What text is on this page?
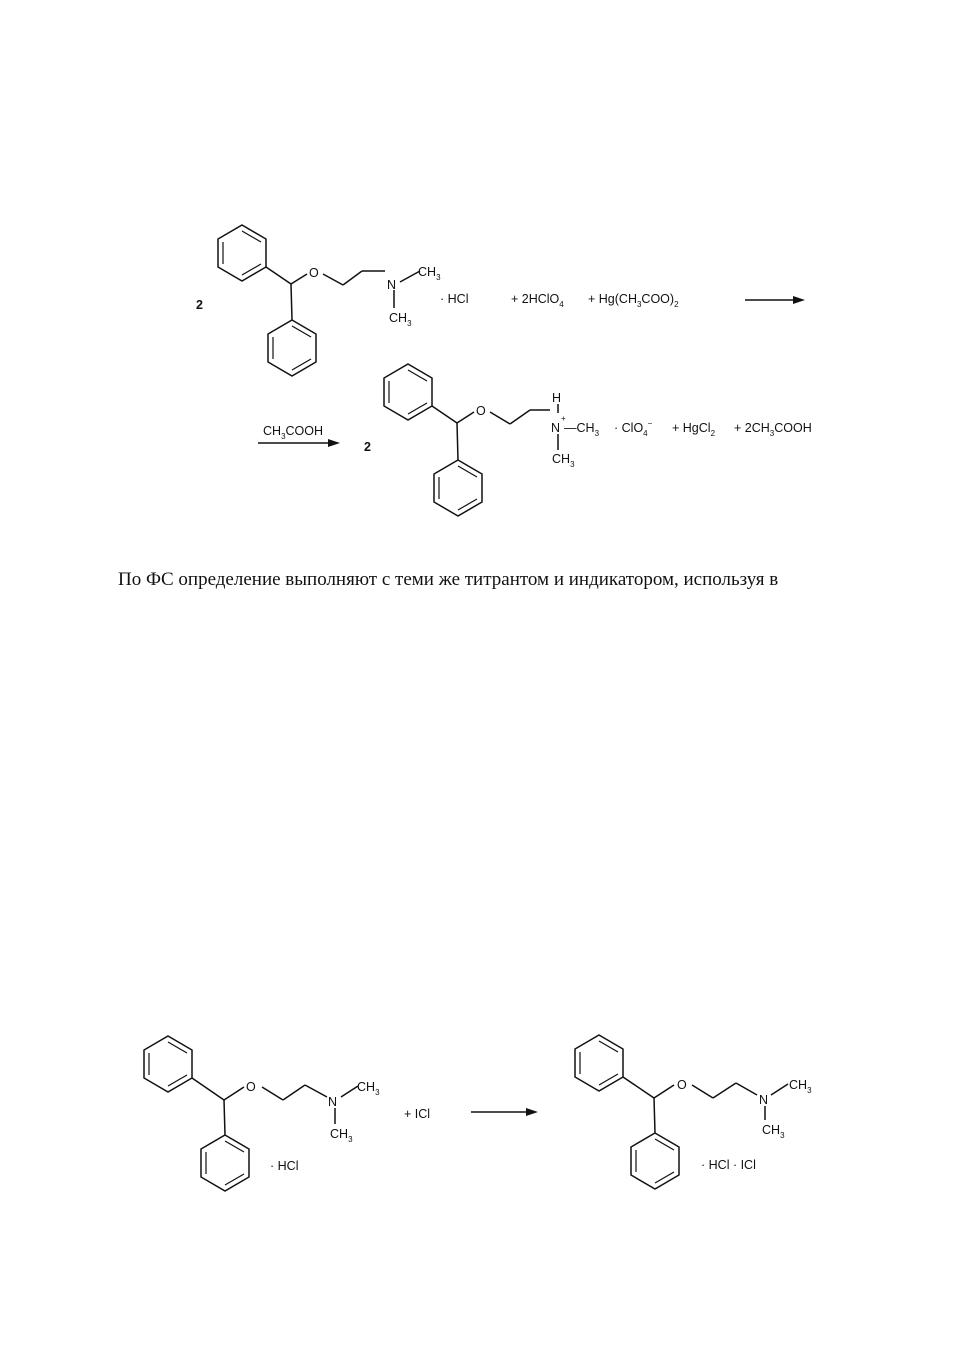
2
O
N
$CH_3$
$CH_3$
· HCl	+ 2HClO$_4$ + $Hg(CH_3COO)_2$
$CH_3COOH$
2
O
H
N
+
$—CH_3$
$CH_3$
· ClO$_4$− + HgCl$_2$ + $2CH_3COOH$
По ФС определение выполняют с теми же титрантом и индикатором, используя в
O
N
$CH_3$
$CH_3$
· HCl
+ ICl
O
N
$CH_3$
$CH_3$
· HCl · ICl
